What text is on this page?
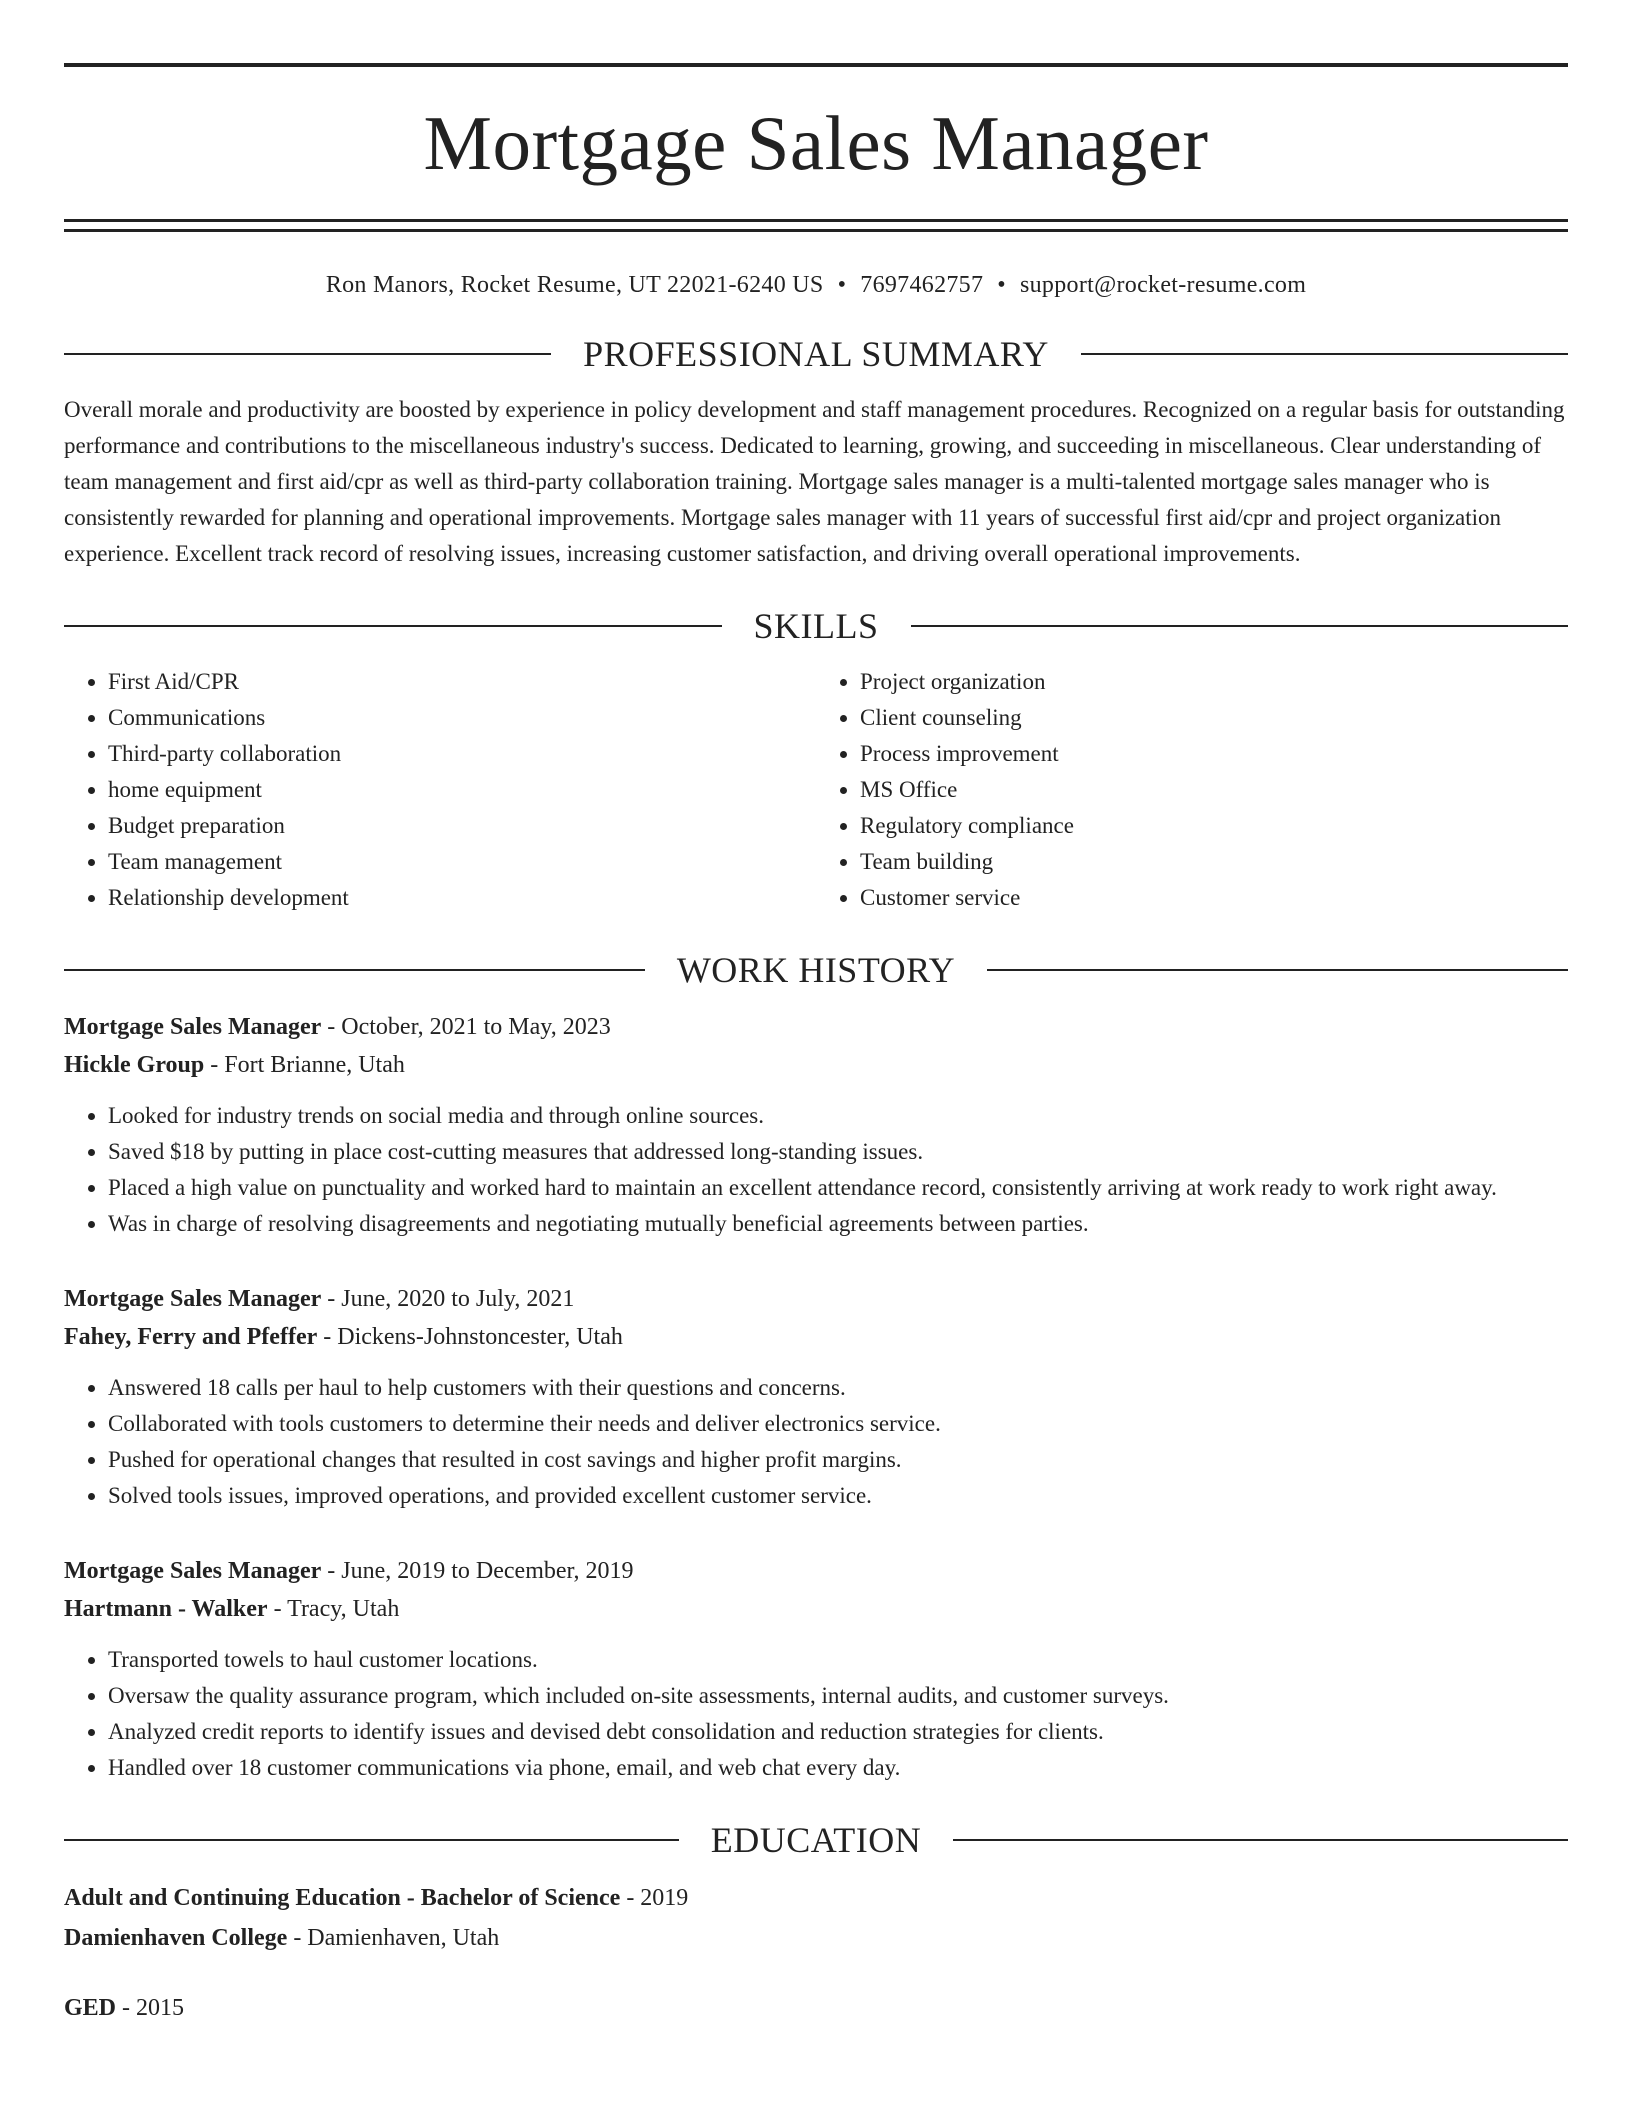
Mortgage Sales Manager
Ron Manors, Rocket Resume, UT 22021-6240 US • 7697462757 • support@rocket-resume.com
PROFESSIONAL SUMMARY

Overall morale and productivity are boosted by experience in policy development and staff management procedures. Recognized on a regular basis for outstanding performance and contributions to the miscellaneous industry's success. Dedicated to learning, growing, and succeeding in miscellaneous. Clear understanding of team management and first aid/cpr as well as third-party collaboration training. Mortgage sales manager is a multi-talented mortgage sales manager who is consistently rewarded for planning and operational improvements. Mortgage sales manager with 11 years of successful first aid/cpr and project organization experience. Excellent track record of resolving issues, increasing customer satisfaction, and driving overall operational improvements.

SKILLS
• First Aid/CPR
• Communications
• Third-party collaboration
• home equipment
• Budget preparation
• Team management
• Relationship development
• Project organization
• Client counseling
• Process improvement
• MS Office
• Regulatory compliance
• Team building
• Customer service
WORK HISTORY
Mortgage Sales Manager - October, 2021 to May, 2023
Hickle Group - Fort Brianne, Utah
• Looked for industry trends on social media and through online sources.
• Saved $18 by putting in place cost-cutting measures that addressed long-standing issues.
• Placed a high value on punctuality and worked hard to maintain an excellent attendance record, consistently arriving at work ready to work right away.
• Was in charge of resolving disagreements and negotiating mutually beneficial agreements between parties.
Mortgage Sales Manager - June, 2020 to July, 2021
Fahey, Ferry and Pfeffer - Dickens-Johnstoncester, Utah
• Answered 18 calls per haul to help customers with their questions and concerns.
• Collaborated with tools customers to determine their needs and deliver electronics service.
• Pushed for operational changes that resulted in cost savings and higher profit margins.
• Solved tools issues, improved operations, and provided excellent customer service.
Mortgage Sales Manager - June, 2019 to December, 2019
Hartmann - Walker - Tracy, Utah
• Transported towels to haul customer locations.
• Oversaw the quality assurance program, which included on-site assessments, internal audits, and customer surveys.
• Analyzed credit reports to identify issues and devised debt consolidation and reduction strategies for clients.
• Handled over 18 customer communications via phone, email, and web chat every day.
EDUCATION
Adult and Continuing Education - Bachelor of Science - 2019
Damienhaven College - Damienhaven, Utah
GED - 2015
